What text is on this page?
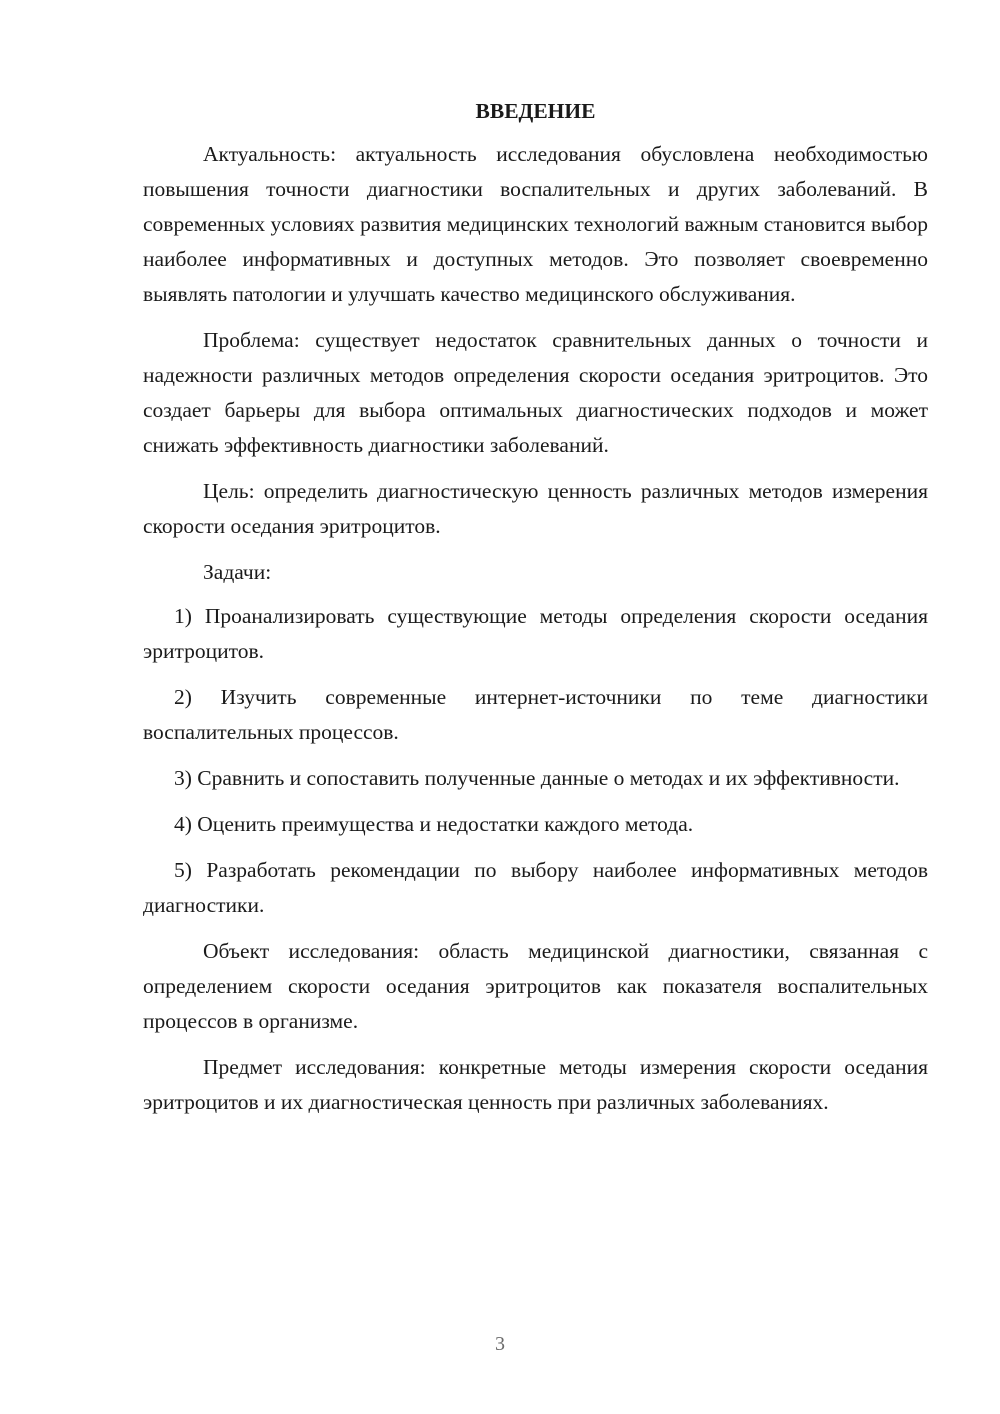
ВВЕДЕНИЕ

Актуальность: актуальность исследования обусловлена необходимостью повышения точности диагностики воспалительных и других заболеваний. В современных условиях развития медицинских технологий важным становится выбор наиболее информативных и доступных методов. Это позволяет своевременно выявлять патологии и улучшать качество медицинского обслуживания.

Проблема: существует недостаток сравнительных данных о точности и надежности различных методов определения скорости оседания эритроцитов. Это создает барьеры для выбора оптимальных диагностических подходов и может снижать эффективность диагностики заболеваний.

Цель: определить диагностическую ценность различных методов измерения скорости оседания эритроцитов.

Задачи:

1) Проанализировать существующие методы определения скорости оседания эритроцитов.

2) Изучить современные интернет-источники по теме диагностики воспалительных процессов.

3) Сравнить и сопоставить полученные данные о методах и их эффективности.

4) Оценить преимущества и недостатки каждого метода.

5) Разработать рекомендации по выбору наиболее информативных методов диагностики.

Объект исследования: область медицинской диагностики, связанная с определением скорости оседания эритроцитов как показателя воспалительных процессов в организме.

Предмет исследования: конкретные методы измерения скорости оседания эритроцитов и их диагностическая ценность при различных заболеваниях.

3
